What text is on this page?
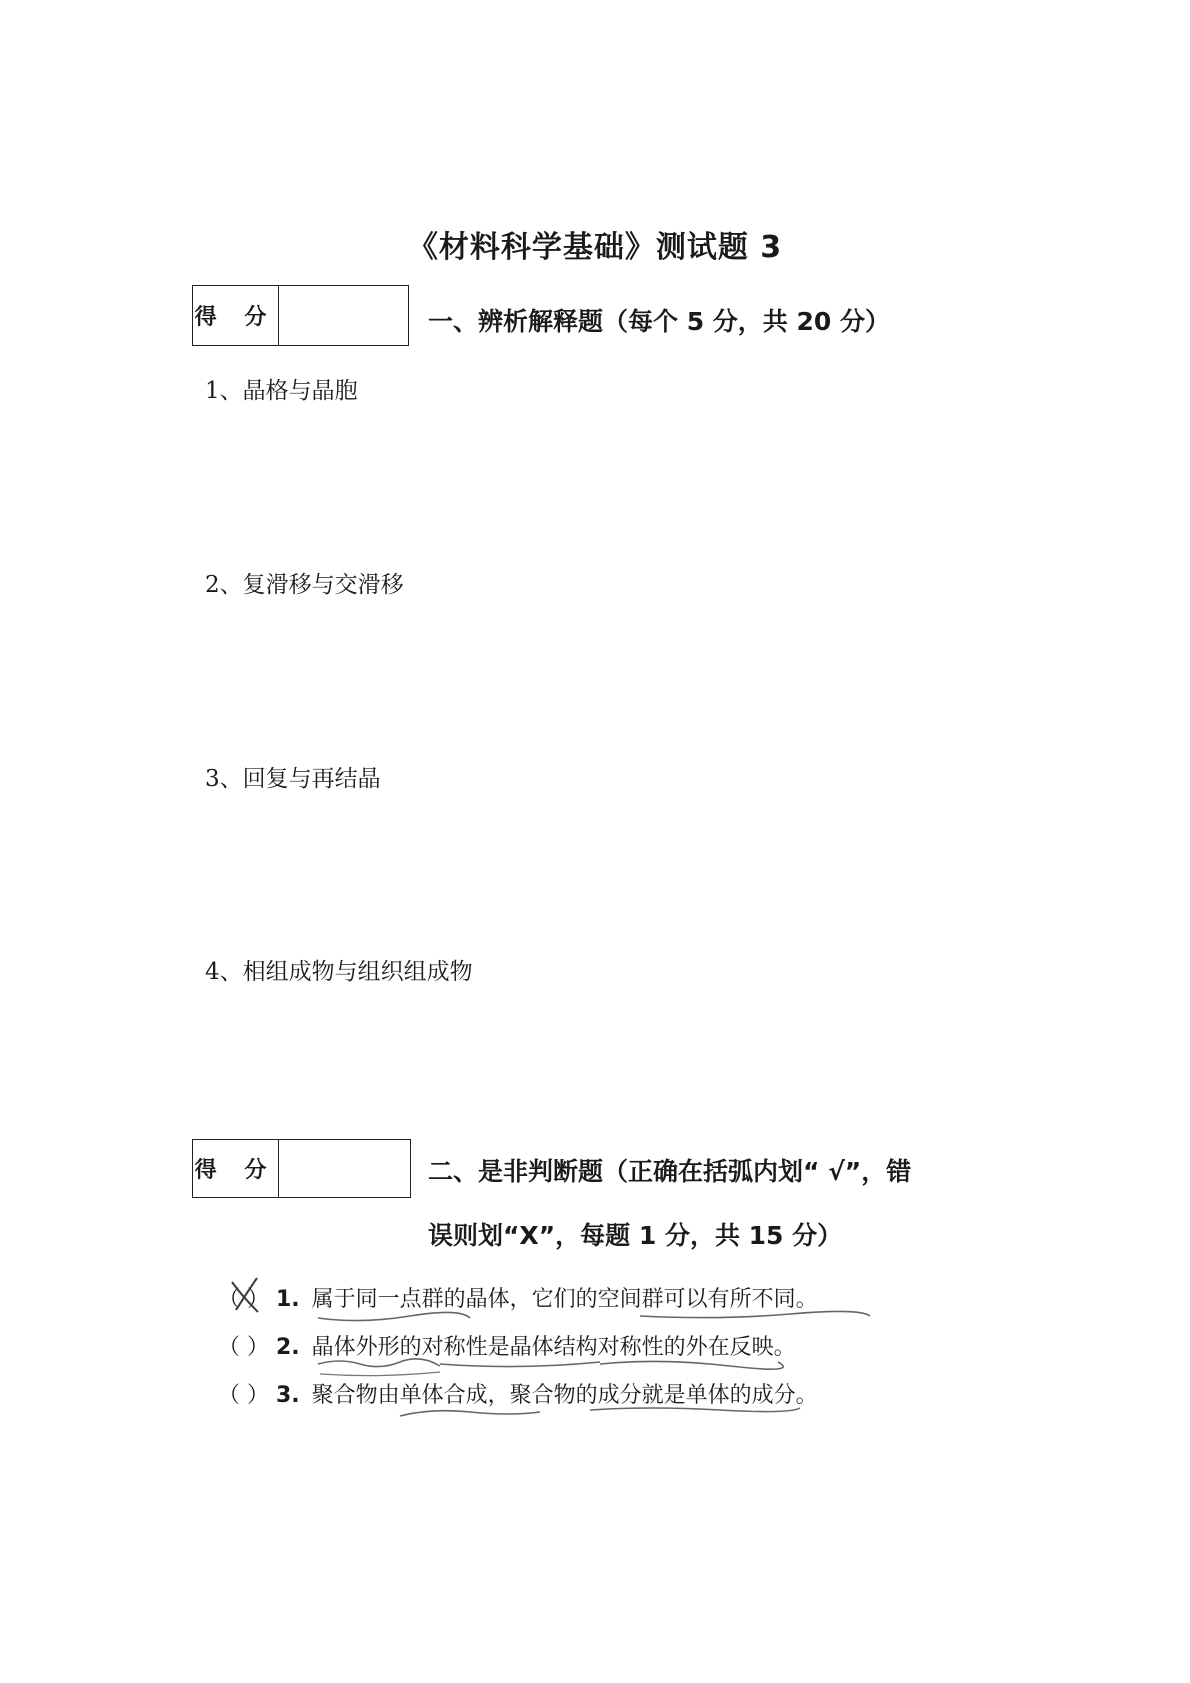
《材料科学基础》测试题 3
得 分	一、辨析解释题（每个 5 分，共 20 分）
1、晶格与晶胞
2、复滑移与交滑移
3、回复与再结晶
4、相组成物与组织组成物
得 分	二、是非判断题（正确在括弧内划“ √”，错
误则划“X”，每题 1 分，共 15 分）
（ ） 1. 属于同一点群的晶体，它们的空间群可以有所不同。
（ ） 2. 晶体外形的对称性是晶体结构对称性的外在反映。
（ ） 3. 聚合物由单体合成，聚合物的成分就是单体的成分。
